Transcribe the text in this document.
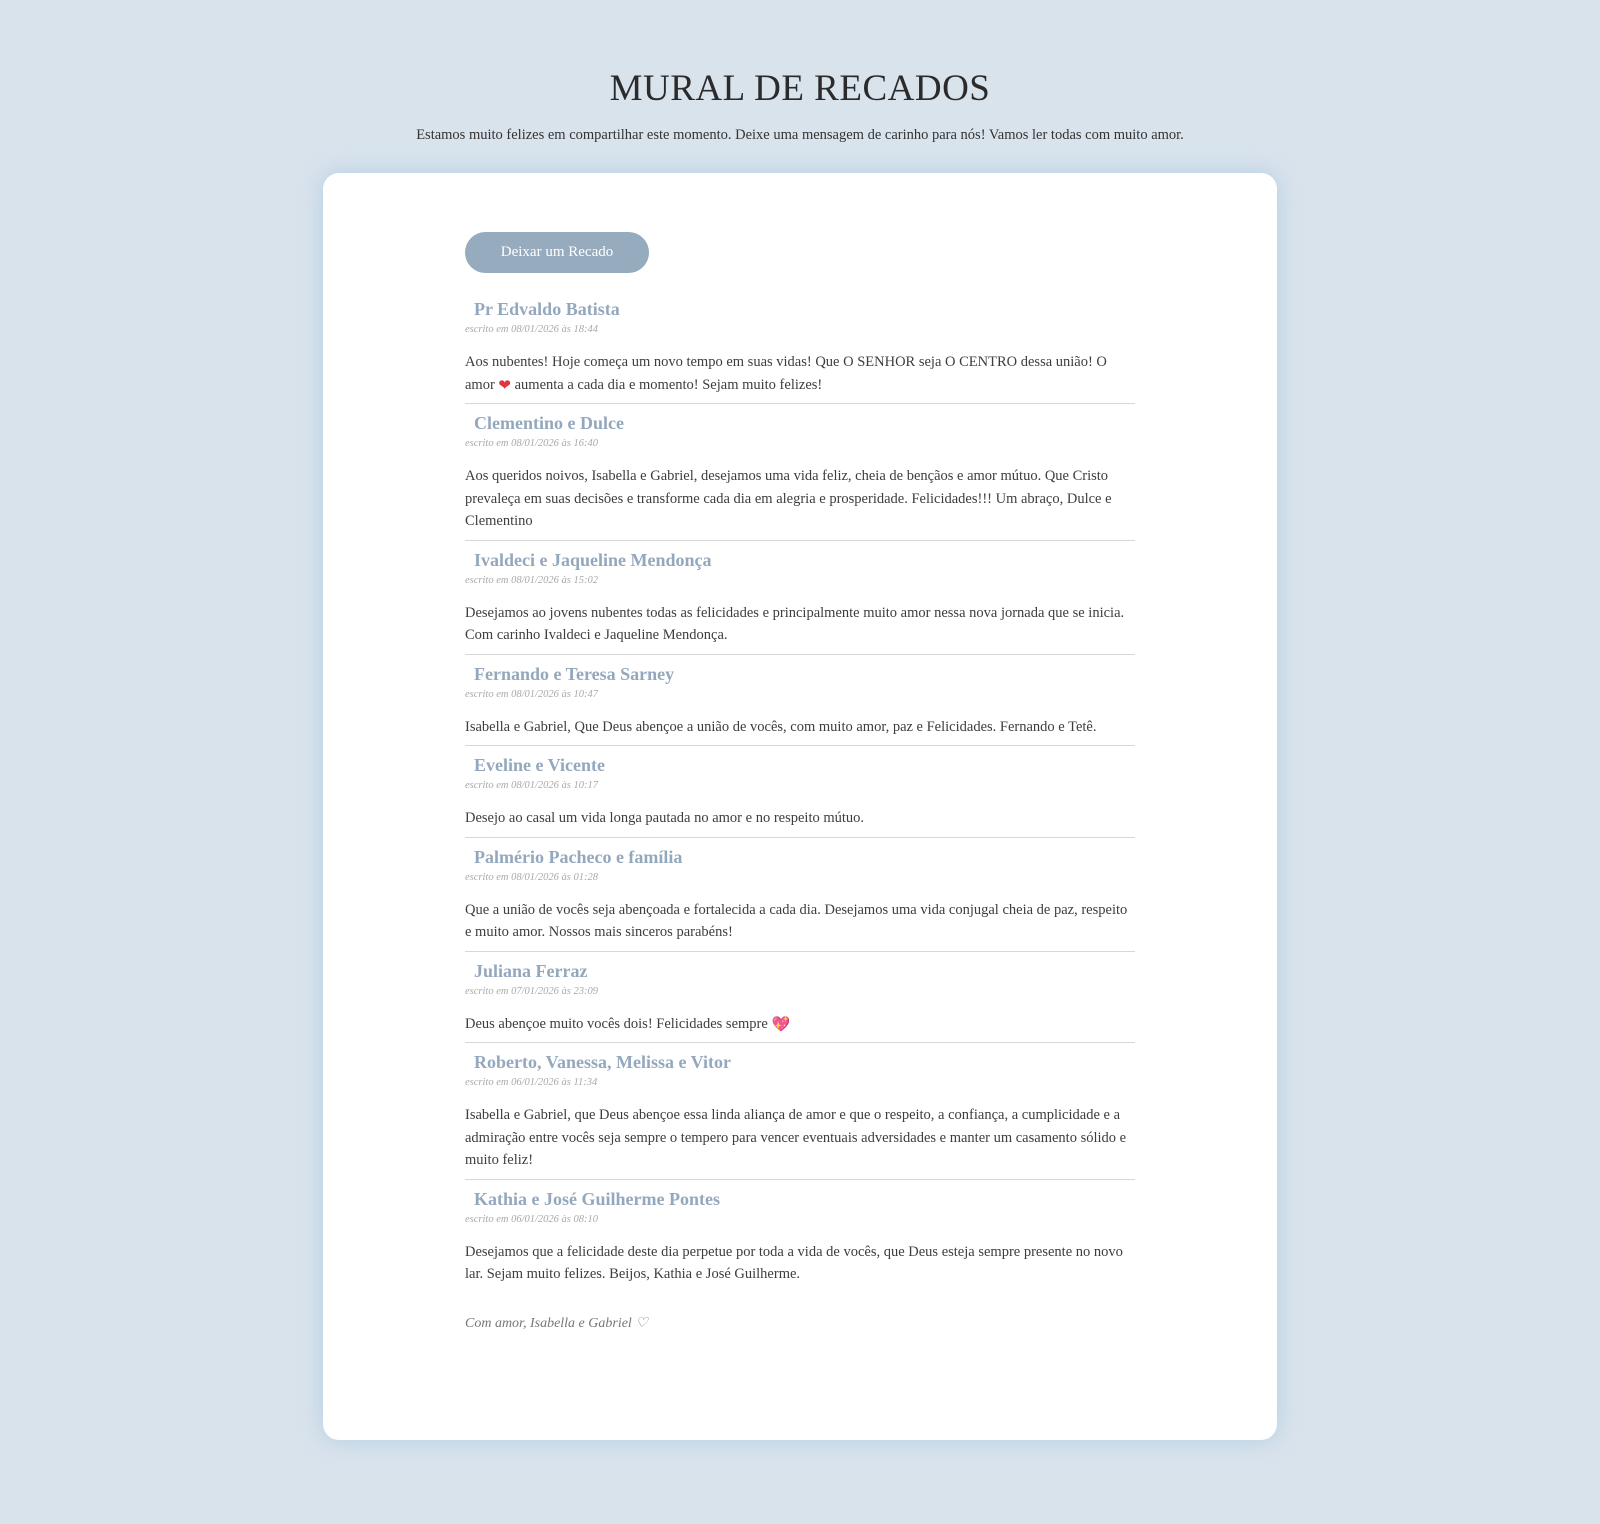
MURAL DE RECADOS

Estamos muito felizes em compartilhar este momento. Deixe uma mensagem de carinho para nós! Vamos ler todas com muito amor.

Deixar um Recado
Pr Edvaldo Batista
escrito em 08/01/2026 às 18:44

Aos nubentes! Hoje começa um novo tempo em suas vidas! Que O SENHOR seja O CENTRO dessa união! O amor ❤ aumenta a cada dia e momento! Sejam muito felizes!

Clementino e Dulce
escrito em 08/01/2026 às 16:40

Aos queridos noivos, Isabella e Gabriel, desejamos uma vida feliz, cheia de bençãos e amor mútuo. Que Cristo prevaleça em suas decisões e transforme cada dia em alegria e prosperidade. Felicidades!!! Um abraço, Dulce e Clementino

Ivaldeci e Jaqueline Mendonça
escrito em 08/01/2026 às 15:02

Desejamos ao jovens nubentes todas as felicidades e principalmente muito amor nessa nova jornada que se inicia. Com carinho Ivaldeci e Jaqueline Mendonça.

Fernando e Teresa Sarney
escrito em 08/01/2026 às 10:47

Isabella e Gabriel, Que Deus abençoe a união de vocês, com muito amor, paz e Felicidades. Fernando e Tetê.

Eveline e Vicente
escrito em 08/01/2026 às 10:17

Desejo ao casal um vida longa pautada no amor e no respeito mútuo.

Palmério Pacheco e família
escrito em 08/01/2026 às 01:28

Que a união de vocês seja abençoada e fortalecida a cada dia. Desejamos uma vida conjugal cheia de paz, respeito e muito amor. Nossos mais sinceros parabéns!

Juliana Ferraz
escrito em 07/01/2026 às 23:09

Deus abençoe muito vocês dois! Felicidades sempre 💖

Roberto, Vanessa, Melissa e Vitor
escrito em 06/01/2026 às 11:34

Isabella e Gabriel, que Deus abençoe essa linda aliança de amor e que o respeito, a confiança, a cumplicidade e a admiração entre vocês seja sempre o tempero para vencer eventuais adversidades e manter um casamento sólido e muito feliz!

Kathia e José Guilherme Pontes
escrito em 06/01/2026 às 08:10

Desejamos que a felicidade deste dia perpetue por toda a vida de vocês, que Deus esteja sempre presente no novo lar. Sejam muito felizes. Beijos, Kathia e José Guilherme.

Com amor, Isabella e Gabriel ♡
